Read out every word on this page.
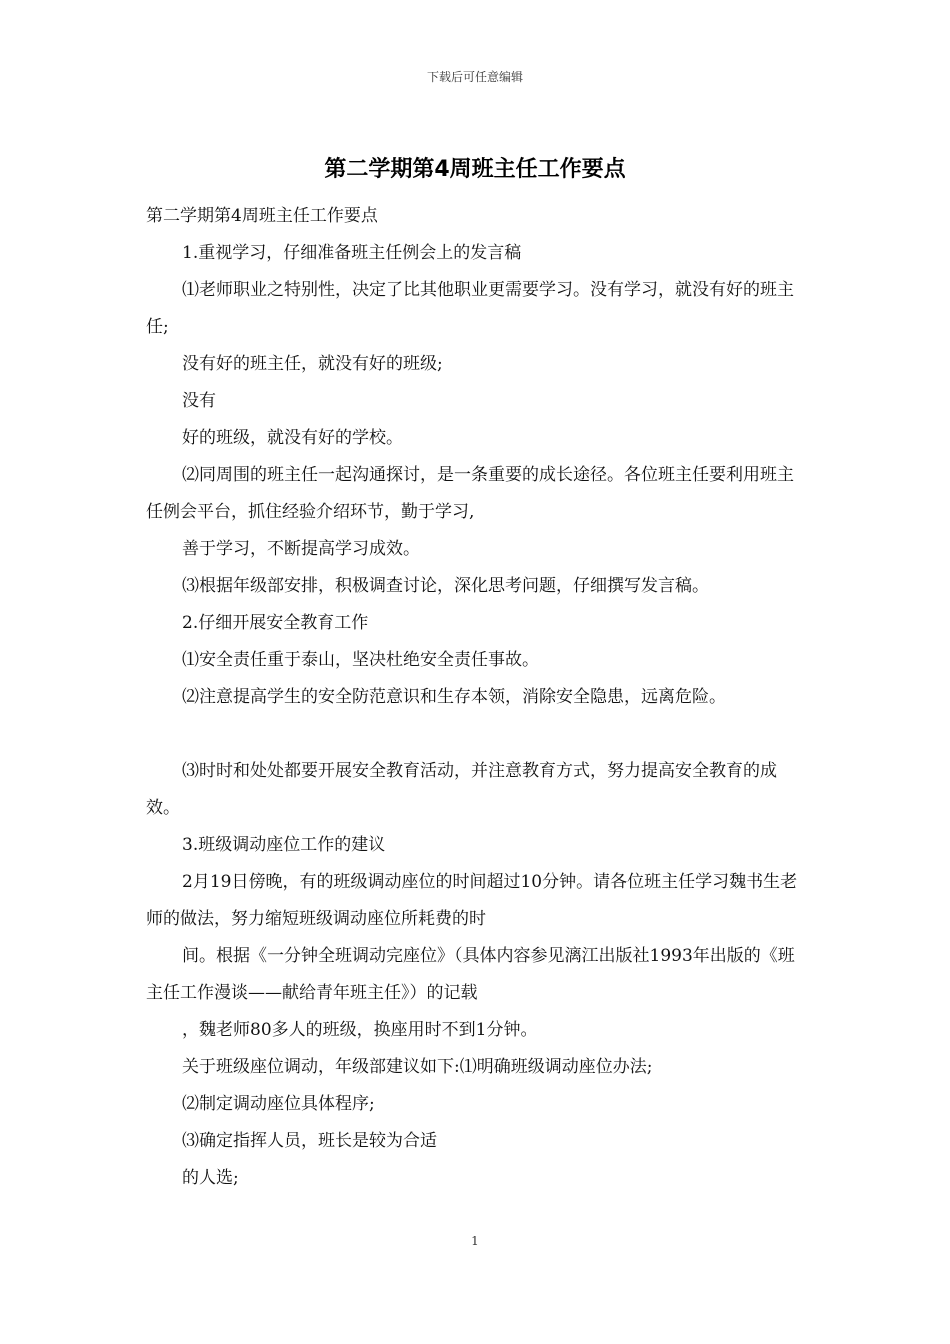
下载后可任意编辑
第二学期第4周班主任工作要点

第二学期第4周班主任工作要点

1.重视学习，仔细准备班主任例会上的发言稿

⑴老师职业之特别性，决定了比其他职业更需要学习。没有学习，就没有好的班主任;

没有好的班主任，就没有好的班级;

没有

好的班级，就没有好的学校。

⑵同周围的班主任一起沟通探讨，是一条重要的成长途径。各位班主任要利用班主任例会平台，抓住经验介绍环节，勤于学习,

善于学习，不断提高学习成效。

⑶根据年级部安排，积极调查讨论，深化思考问题，仔细撰写发言稿。

2.仔细开展安全教育工作

⑴安全责任重于泰山，坚决杜绝安全责任事故。

⑵注意提高学生的安全防范意识和生存本领，消除安全隐患，远离危险。

⑶时时和处处都要开展安全教育活动，并注意教育方式，努力提高安全教育的成效。

3.班级调动座位工作的建议

2月19日傍晚，有的班级调动座位的时间超过10分钟。请各位班主任学习魏书生老师的做法，努力缩短班级调动座位所耗费的时

间。根据《一分钟全班调动完座位》（具体内容参见漓江出版社1993年出版的《班主任工作漫谈——献给青年班主任》）的记载

，魏老师80多人的班级，换座用时不到1分钟。

关于班级座位调动，年级部建议如下:⑴明确班级调动座位办法;

⑵制定调动座位具体程序;

⑶确定指挥人员，班长是较为合适

的人选;

1
